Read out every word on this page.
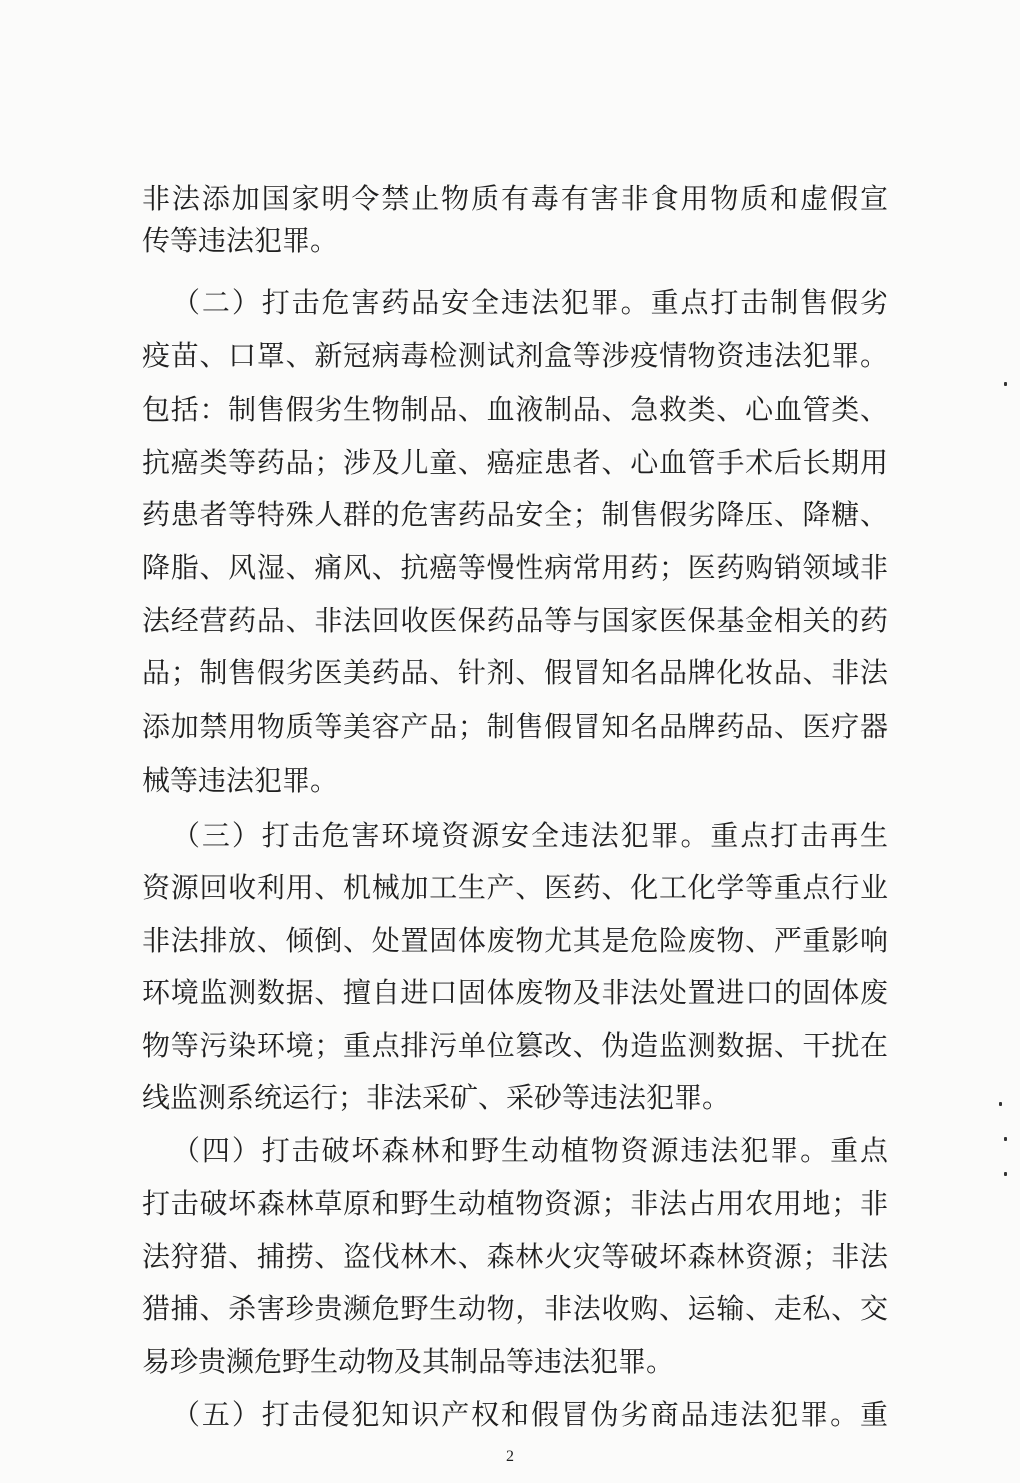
非法添加国家明令禁止物质有毒有害非食用物质和虚假宣
传等违法犯罪。
（二）打击危害药品安全违法犯罪。重点打击制售假劣
疫苗、口罩、新冠病毒检测试剂盒等涉疫情物资违法犯罪。
包括：制售假劣生物制品、血液制品、急救类、心血管类、
抗癌类等药品；涉及儿童、癌症患者、心血管手术后长期用
药患者等特殊人群的危害药品安全；制售假劣降压、降糖、
降脂、风湿、痛风、抗癌等慢性病常用药；医药购销领域非
法经营药品、非法回收医保药品等与国家医保基金相关的药
品；制售假劣医美药品、针剂、假冒知名品牌化妆品、非法
添加禁用物质等美容产品；制售假冒知名品牌药品、医疗器
械等违法犯罪。
（三）打击危害环境资源安全违法犯罪。重点打击再生
资源回收利用、机械加工生产、医药、化工化学等重点行业
非法排放、倾倒、处置固体废物尤其是危险废物、严重影响
环境监测数据、擅自进口固体废物及非法处置进口的固体废
物等污染环境；重点排污单位篡改、伪造监测数据、干扰在
线监测系统运行；非法采矿、采砂等违法犯罪。
（四）打击破坏森林和野生动植物资源违法犯罪。重点
打击破坏森林草原和野生动植物资源；非法占用农用地；非
法狩猎、捕捞、盗伐林木、森林火灾等破坏森林资源；非法
猎捕、杀害珍贵濒危野生动物，非法收购、运输、走私、交
易珍贵濒危野生动物及其制品等违法犯罪。
（五）打击侵犯知识产权和假冒伪劣商品违法犯罪。重
2
